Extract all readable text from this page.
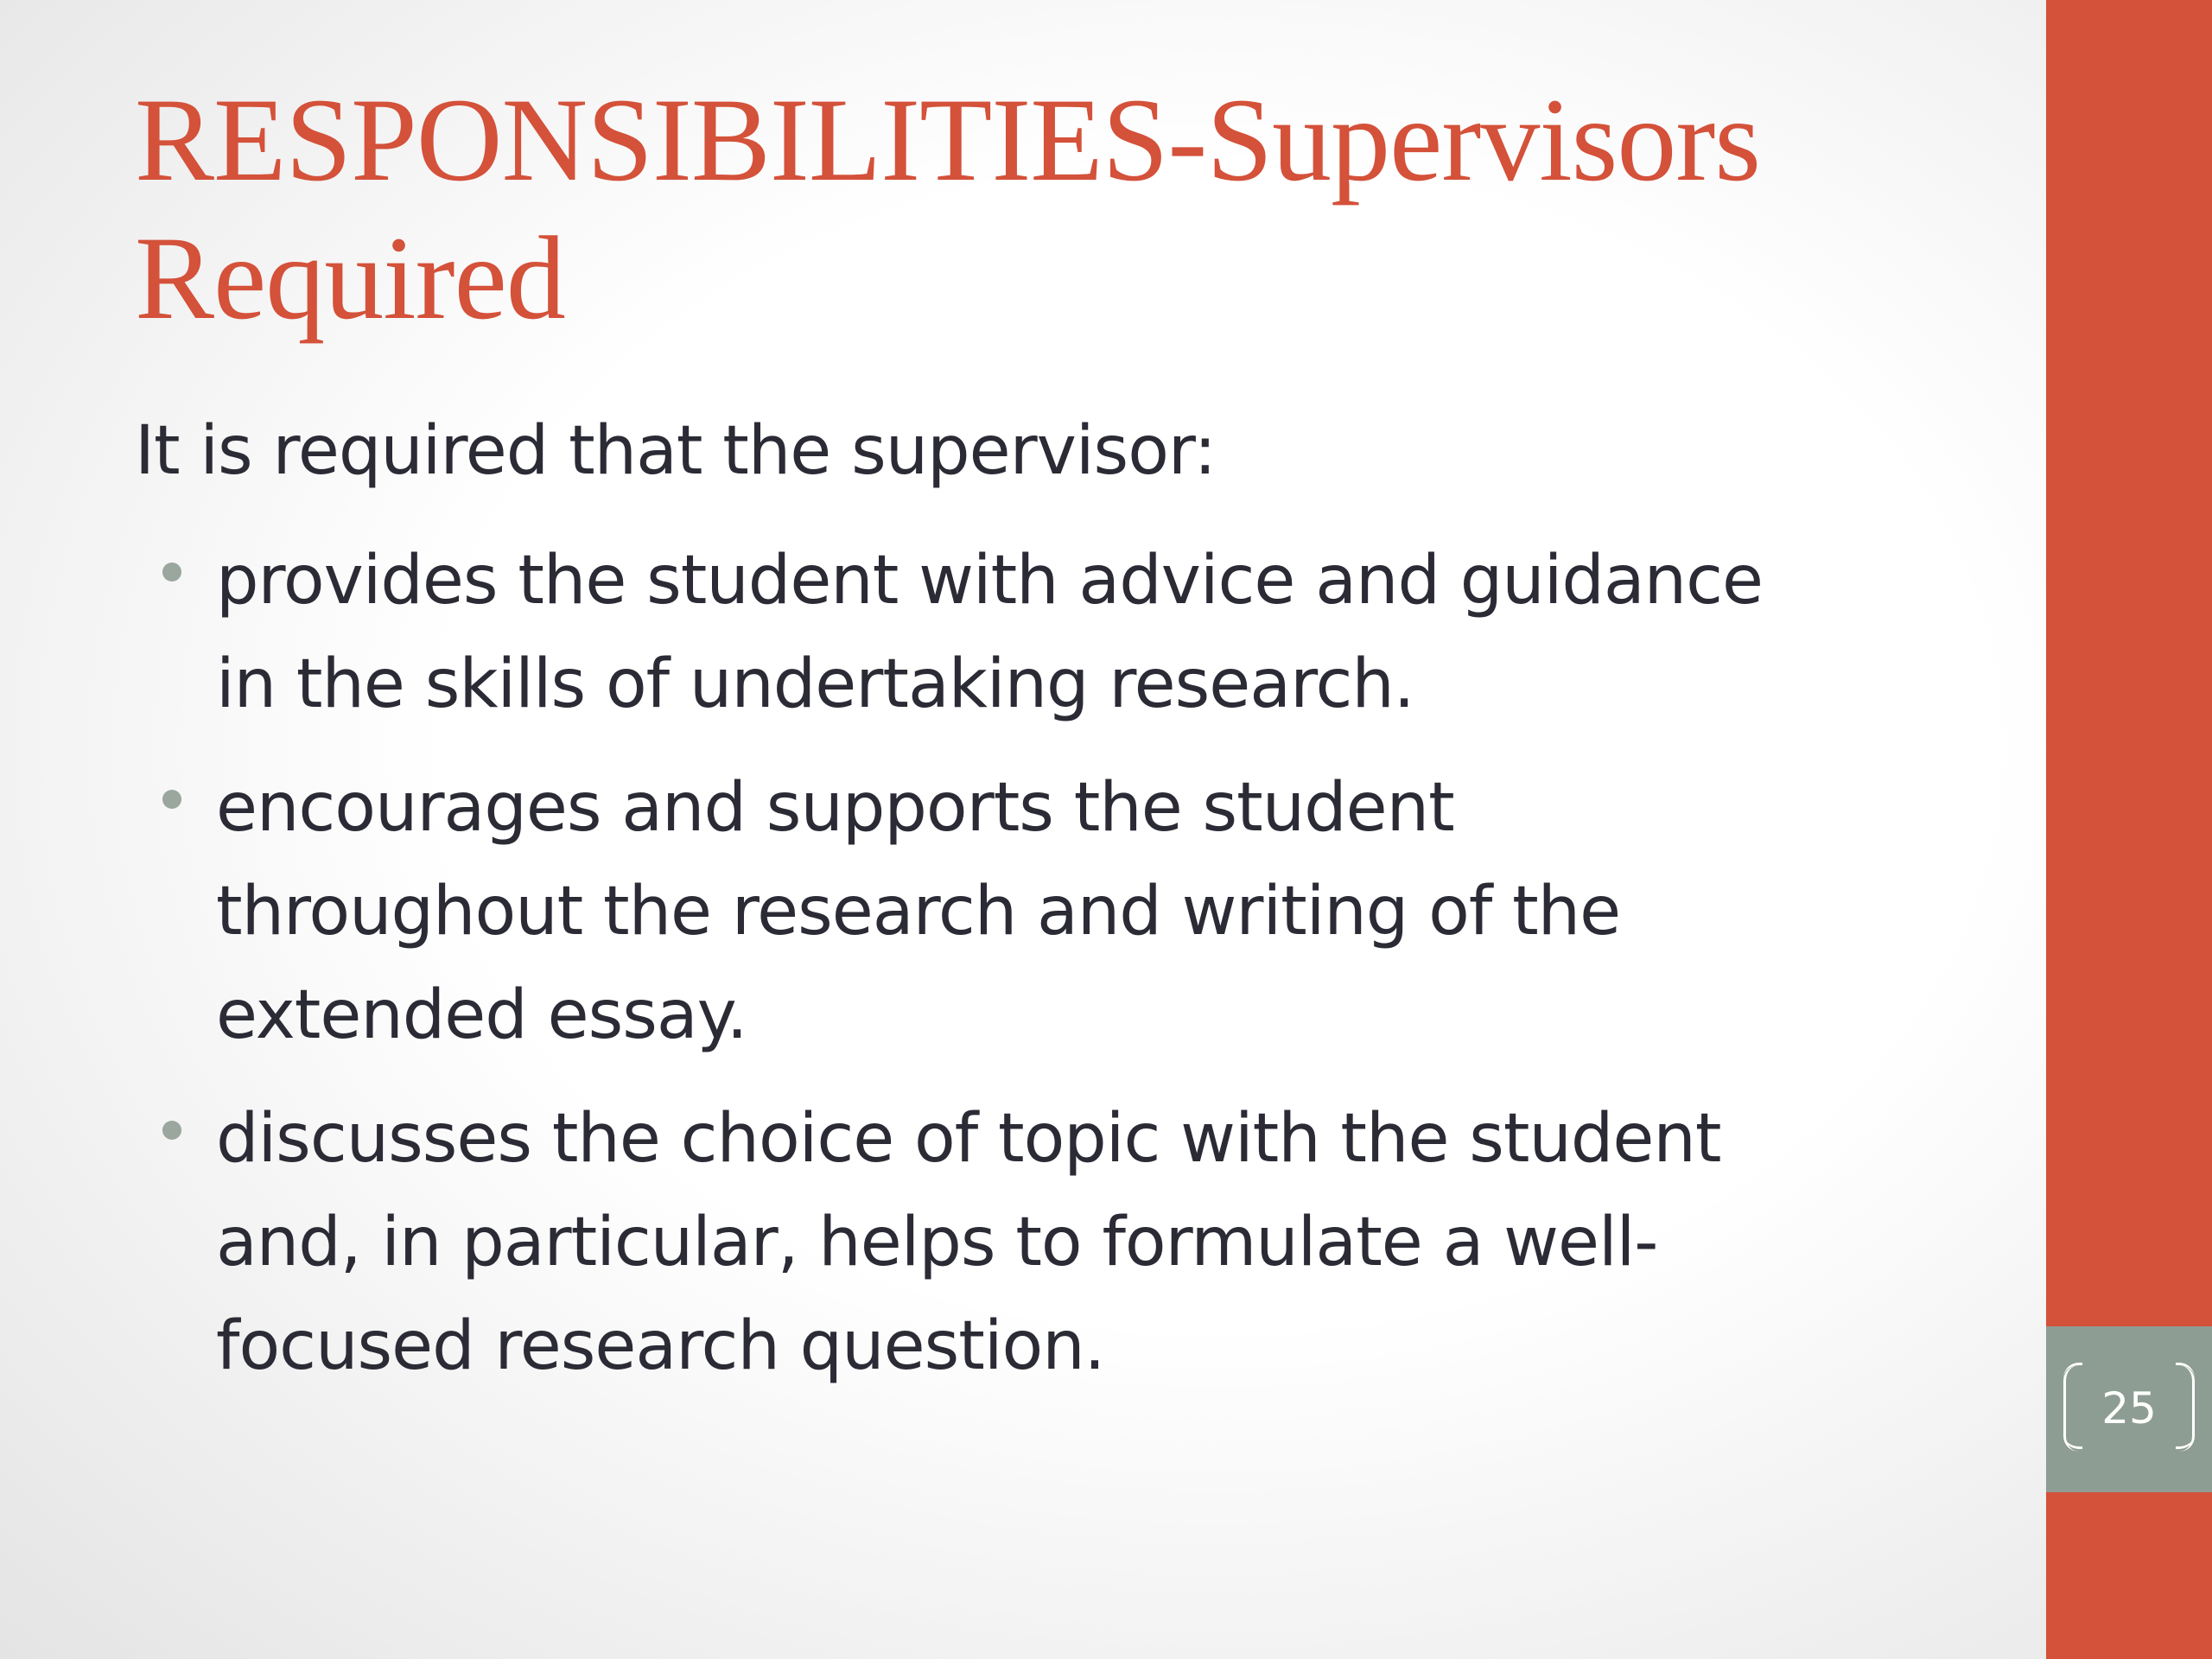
RESPONSIBILITIES-Supervisors
Required

It is required that the supervisor:

provides the student with advice and guidance
in the skills of undertaking research.
encourages and supports the student
throughout the research and writing of the
extended essay.
discusses the choice of topic with the student
and, in particular, helps to formulate a well-
focused research question.
25
